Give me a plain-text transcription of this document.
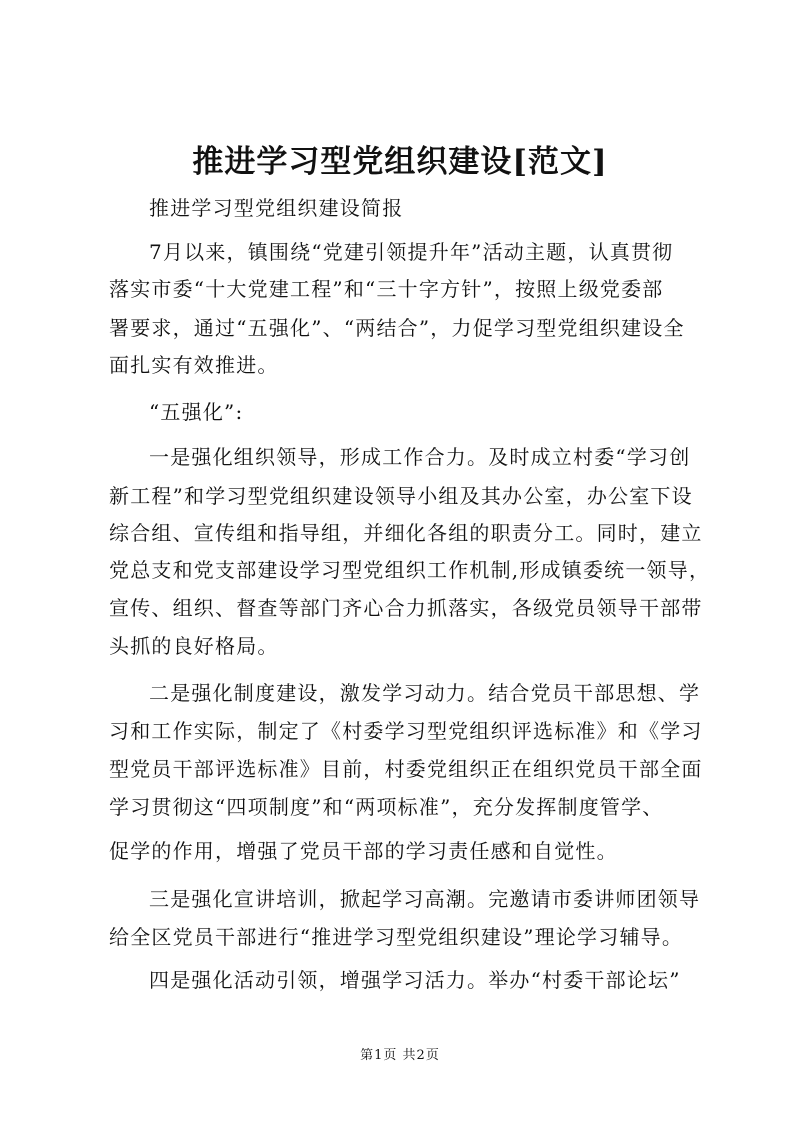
推进学习型党组织建设[范文]
推进学习型党组织建设简报
7月以来，镇围绕“党建引领提升年”活动主题，认真贯彻
落实市委“十大党建工程”和“三十字方针”，按照上级党委部
署要求，通过“五强化”、“两结合”，力促学习型党组织建设全
面扎实有效推进。
“五强化”:
一是强化组织领导，形成工作合力。及时成立村委“学习创
新工程”和学习型党组织建设领导小组及其办公室，办公室下设
综合组、宣传组和指导组，并细化各组的职责分工。同时，建立
党总支和党支部建设学习型党组织工作机制,形成镇委统一领导，
宣传、组织、督查等部门齐心合力抓落实，各级党员领导干部带
头抓的良好格局。
二是强化制度建设，激发学习动力。结合党员干部思想、学
习和工作实际，制定了《村委学习型党组织评选标准》和《学习
型党员干部评选标准》目前，村委党组织正在组织党员干部全面
学习贯彻这“四项制度”和“两项标准”，充分发挥制度管学、
促学的作用，增强了党员干部的学习责任感和自觉性。
三是强化宣讲培训，掀起学习高潮。完邀请市委讲师团领导
给全区党员干部进行“推进学习型党组织建设”理论学习辅导。
四是强化活动引领，增强学习活力。举办“村委干部论坛”
第1页 共2页
